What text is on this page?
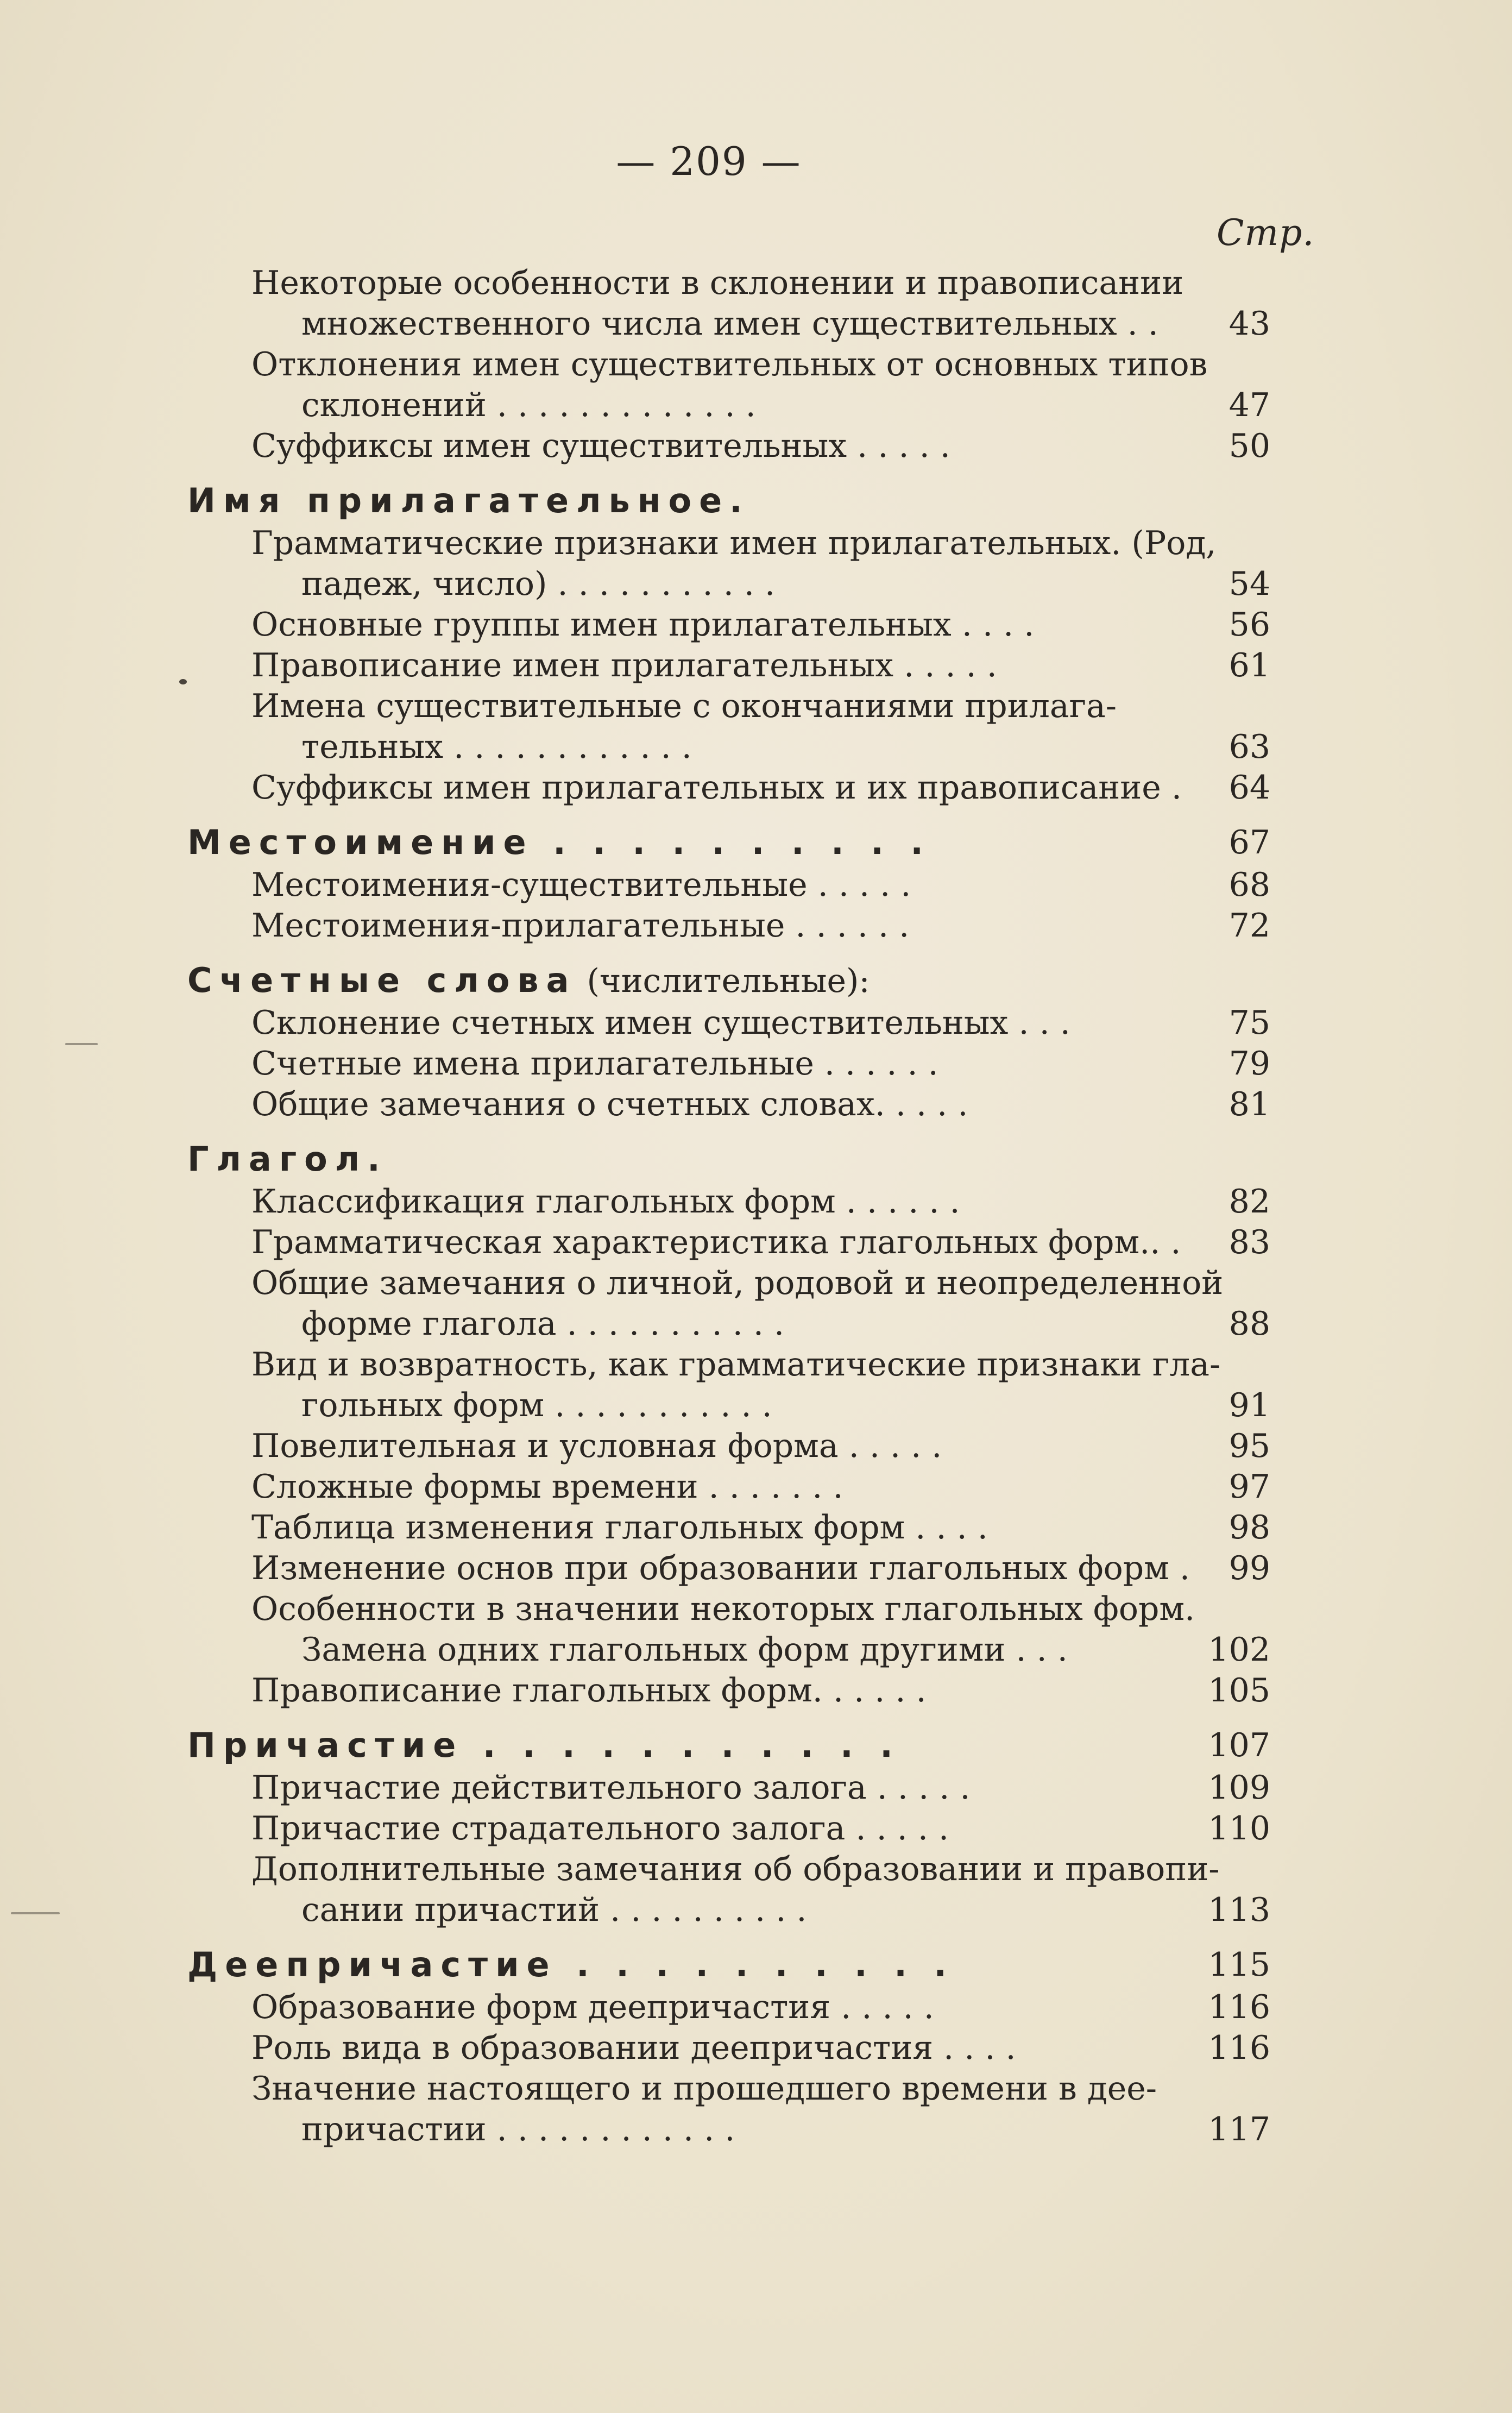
— 209 —
Стр.
Некоторые особенности в склонении и правописании
множественного числа имен существительных . . 43
Отклонения имен существительных от основных типов
склонений . . . . . . . . . . . . .	47
Суффиксы имен существительных . . . . .	50
Имя прилагательное.
Грамматические признаки имен прилагательных. (Род,
падеж, число) . . . . . . . . . . .	54
Основные группы имен прилагательных . . . .	56
Правописание имен прилагательных . . . . .	61
Имена существительные с окончаниями прилага-
тельных . . . . . . . . . . . .	63
Суффиксы имен прилагательных и их правописание . 64
Местоимение . . . . . . . . . .	67
Местоимения-существительные . . . . .	68
Местоимения-прилагательные . . . . . .	72
Счетные слова (числительные):
Склонение счетных имен существительных . . .	75
Счетные имена прилагательные . . . . . .	79
Общие замечания о счетных словах. . . . .	81
Глагол.
Классификация глагольных форм . . . . . .	82
Грамматическая характеристика глагольных форм.. . 83
Общие замечания о личной, родовой и неопределенной
форме глагола . . . . . . . . . . .	88
Вид и возвратность, как грамматические признаки гла-
гольных форм . . . . . . . . . . .	91
Повелительная и условная форма . . . . .	95
Сложные формы времени . . . . . . .	97
Таблица изменения глагольных форм . . . .	98
Изменение основ при образовании глагольных форм . 99
Особенности в значении некоторых глагольных форм.
Замена одних глагольных форм другими . . .	102
Правописание глагольных форм. . . . . .	105
Причастие . . . . . . . . . . .	107
Причастие действительного залога . . . . .	109
Причастие страдательного залога . . . . .	110
Дополнительные замечания об образовании и правопи-
сании причастий . . . . . . . . . .	113
Деепричастие . . . . . . . . . .	115
Образование форм деепричастия . . . . .	116
Роль вида в образовании деепричастия . . . .	116
Значение настоящего и прошедшего времени в дее-
причастии . . . . . . . . . . . .	117
